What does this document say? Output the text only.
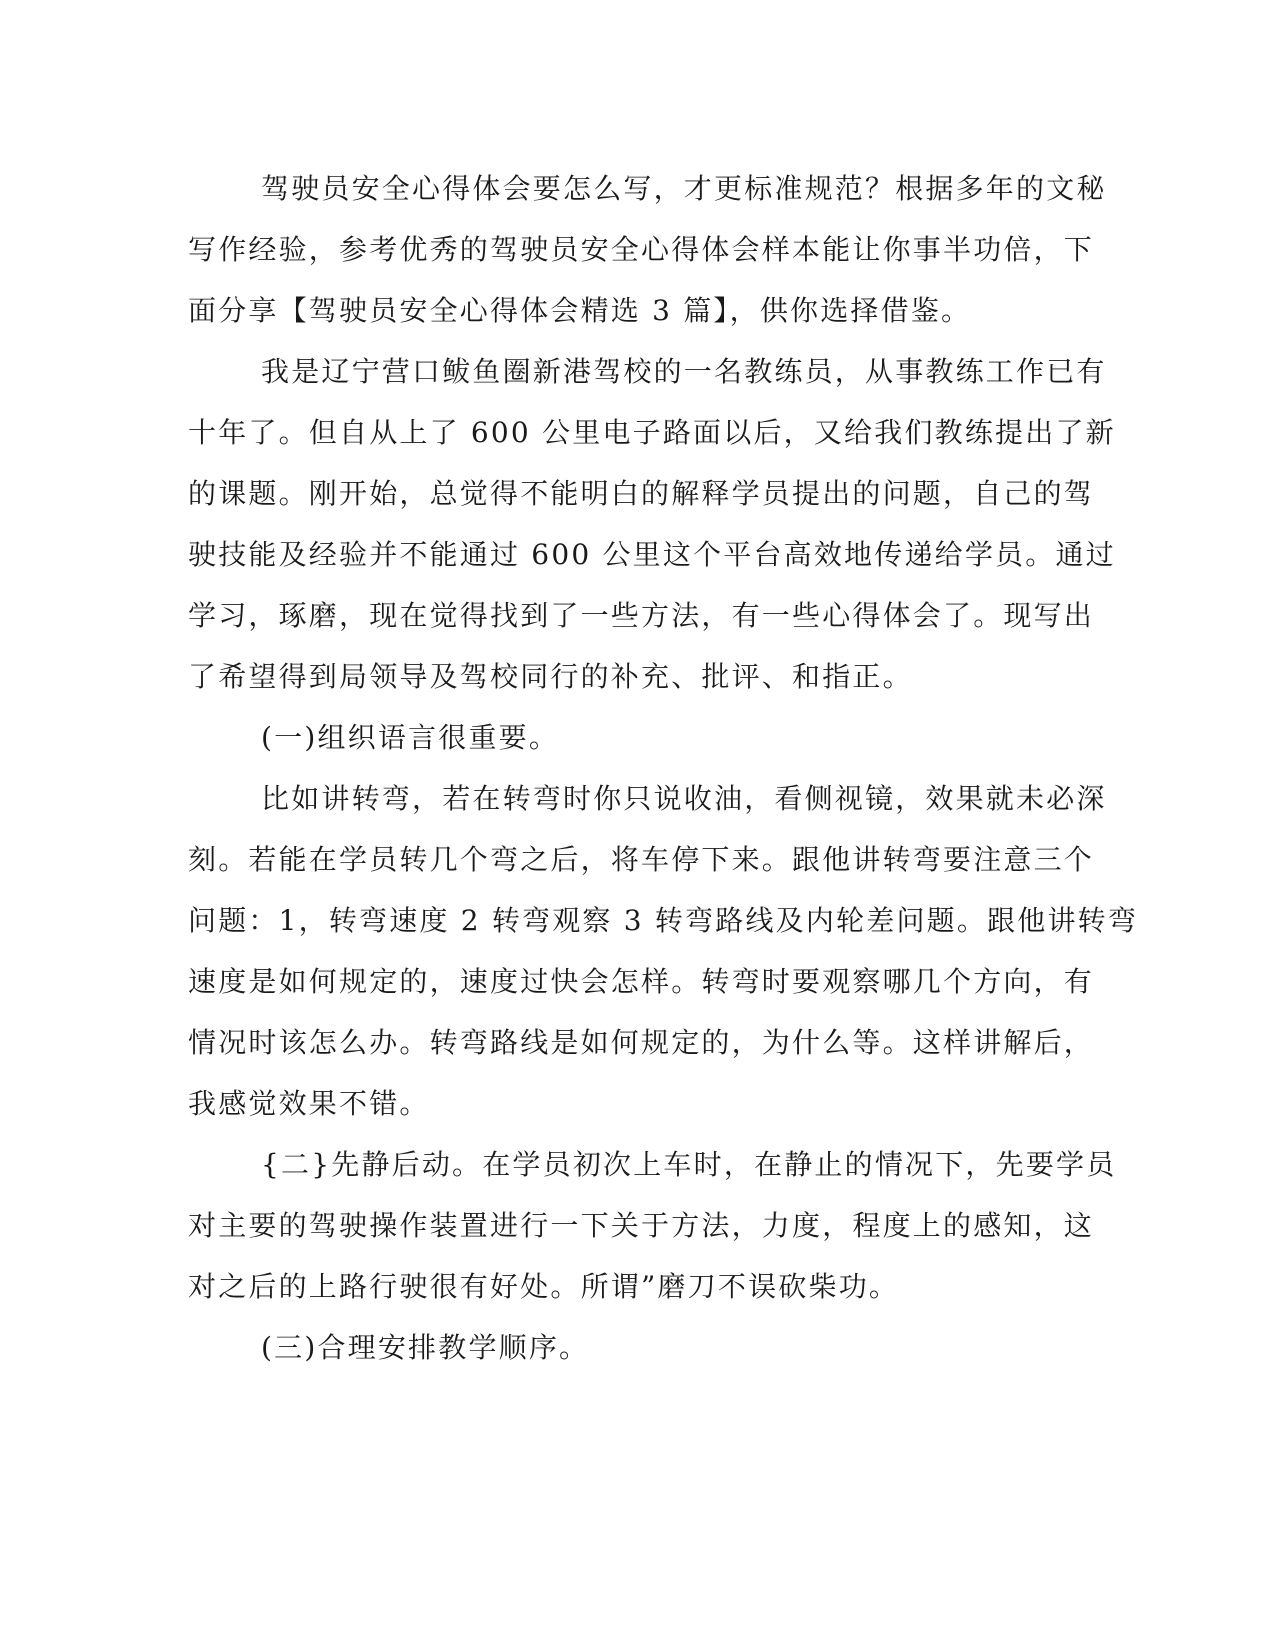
驾驶员安全心得体会要怎么写，才更标准规范？根据多年的文秘
写作经验，参考优秀的驾驶员安全心得体会样本能让你事半功倍，下
面分享【驾驶员安全心得体会精选 3 篇】，供你选择借鉴。
我是辽宁营口鲅鱼圈新港驾校的一名教练员，从事教练工作已有
十年了。但自从上了 600 公里电子路面以后，又给我们教练提出了新
的课题。刚开始，总觉得不能明白的解释学员提出的问题，自己的驾
驶技能及经验并不能通过 600 公里这个平台高效地传递给学员。通过
学习，琢磨，现在觉得找到了一些方法，有一些心得体会了。现写出
了希望得到局领导及驾校同行的补充、批评、和指正。
(一)组织语言很重要。
比如讲转弯，若在转弯时你只说收油，看侧视镜，效果就未必深
刻。若能在学员转几个弯之后，将车停下来。跟他讲转弯要注意三个
问题：1，转弯速度 2 转弯观察 3 转弯路线及内轮差问题。跟他讲转弯
速度是如何规定的，速度过快会怎样。转弯时要观察哪几个方向，有
情况时该怎么办。转弯路线是如何规定的，为什么等。这样讲解后，
我感觉效果不错。
{二}先静后动。在学员初次上车时，在静止的情况下，先要学员
对主要的驾驶操作装置进行一下关于方法，力度，程度上的感知，这
对之后的上路行驶很有好处。所谓”磨刀不误砍柴功。
(三)合理安排教学顺序。
